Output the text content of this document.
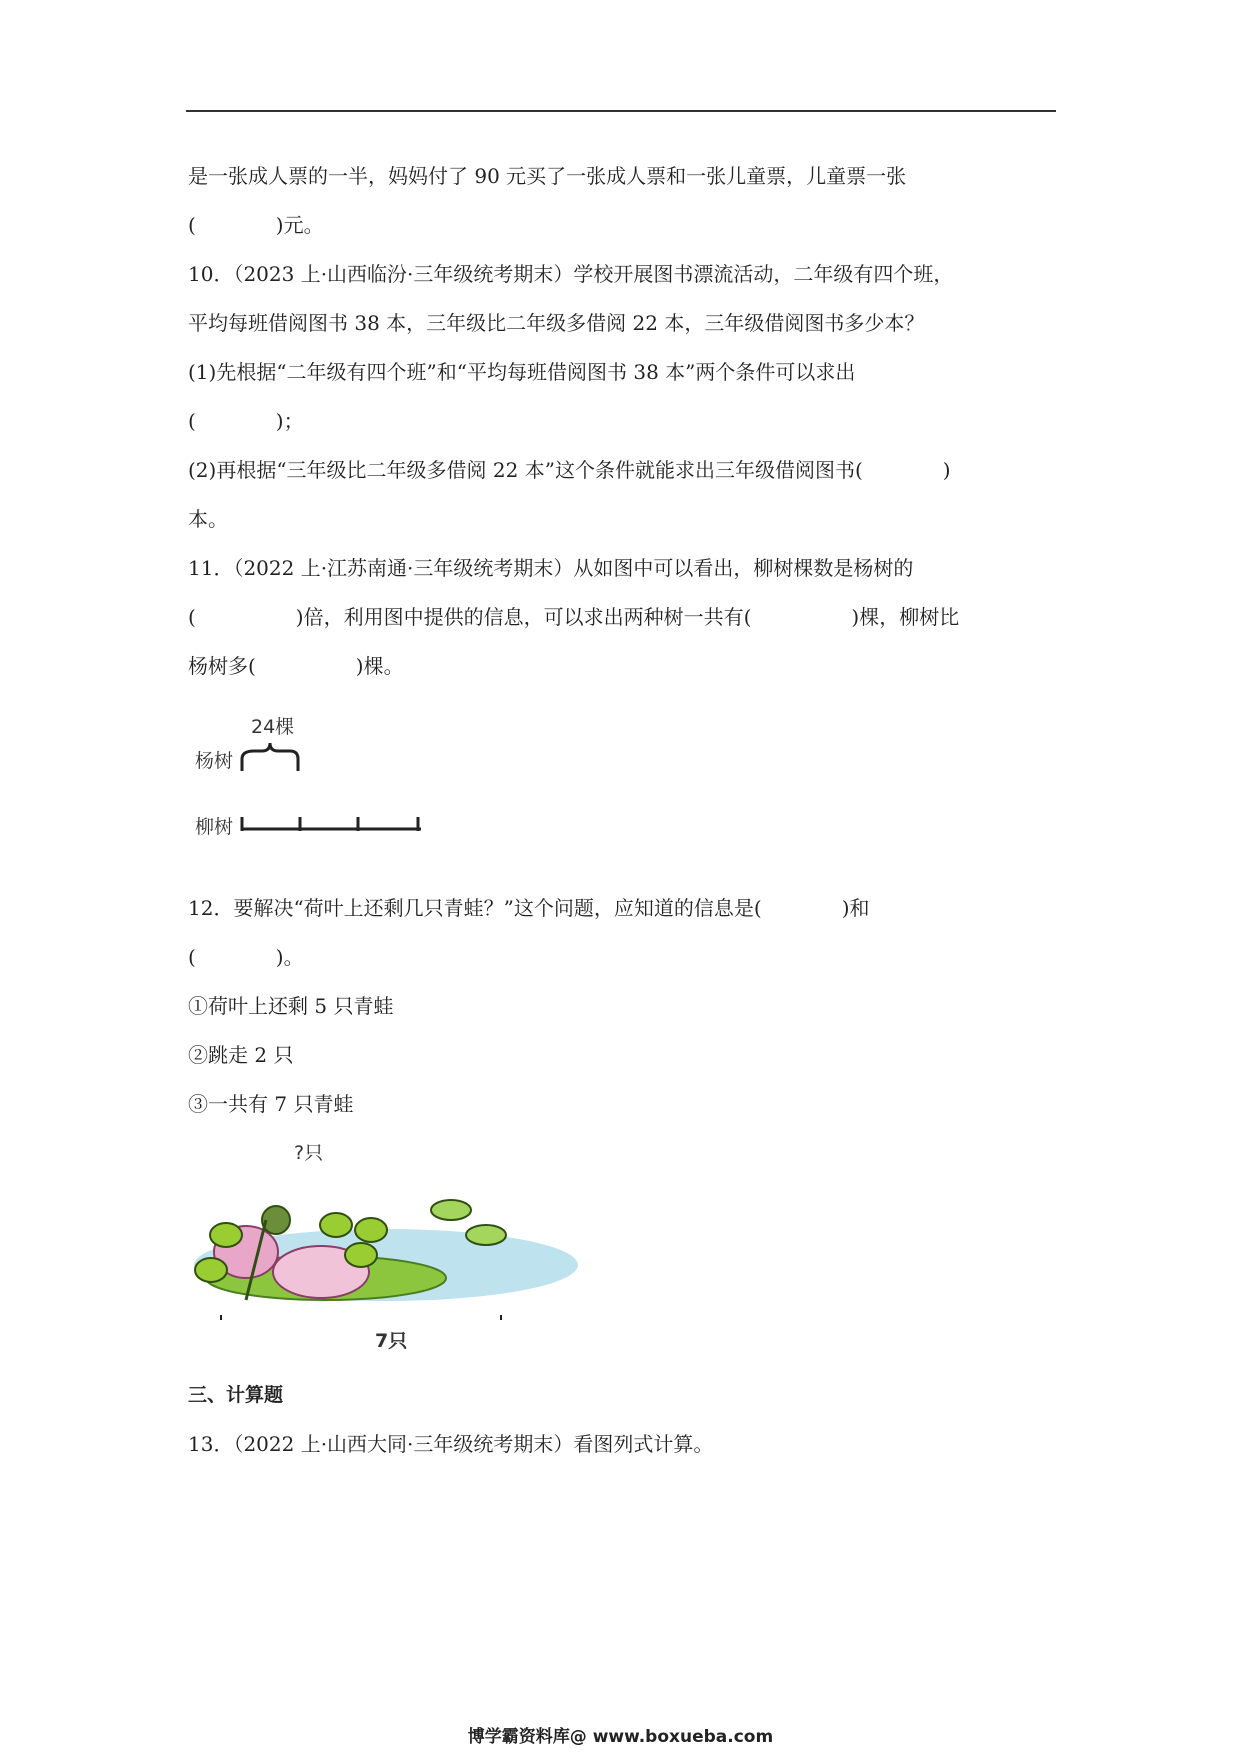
是一张成人票的一半，妈妈付了 90 元买了一张成人票和一张儿童票，儿童票一张
(　　　　)元。
10．（2023 上·山西临汾·三年级统考期末）学校开展图书漂流活动，二年级有四个班，
平均每班借阅图书 38 本，三年级比二年级多借阅 22 本，三年级借阅图书多少本？
(1)先根据“二年级有四个班”和“平均每班借阅图书 38 本”两个条件可以求出
(　　　　)；
(2)再根据“三年级比二年级多借阅 22 本”这个条件就能求出三年级借阅图书(　　　　)
本。
11．（2022 上·江苏南通·三年级统考期末）从如图中可以看出，柳树棵数是杨树的
(　　　　　)倍，利用图中提供的信息，可以求出两种树一共有(　　　　　)棵，柳树比
杨树多(　　　　　)棵。
24棵
杨树
柳树
12．要解决“荷叶上还剩几只青蛙？”这个问题，应知道的信息是(　　　　)和
(　　　　)。
①荷叶上还剩 5 只青蛙
②跳走 2 只
③一共有 7 只青蛙
?只
7只
三、计算题
13．（2022 上·山西大同·三年级统考期末）看图列式计算。
博学霸资料库@ www.boxueba.com
